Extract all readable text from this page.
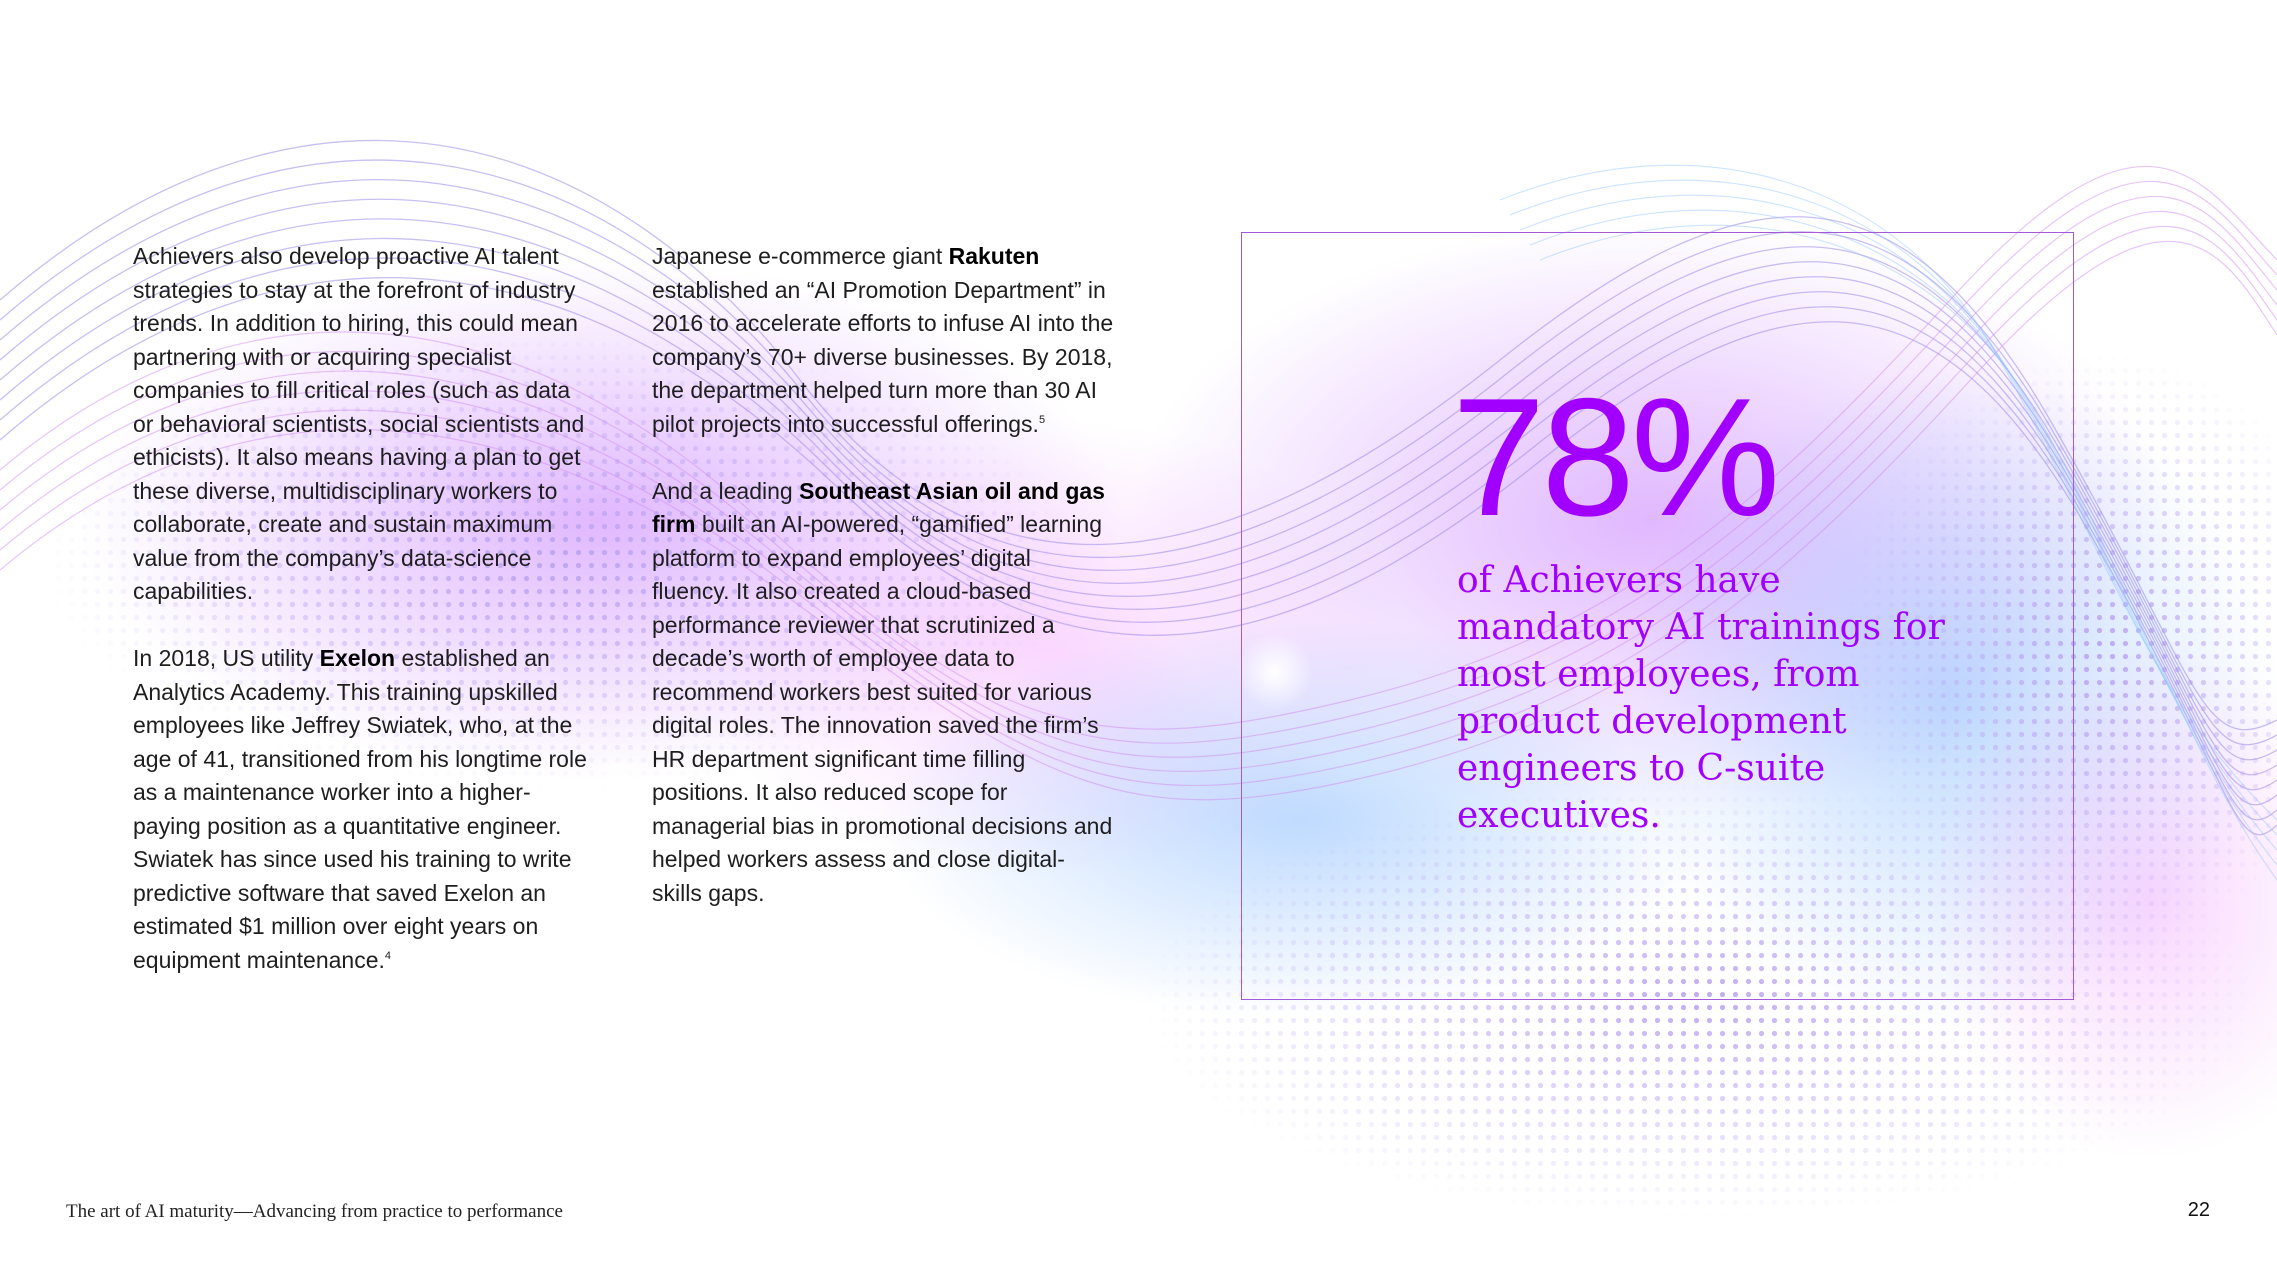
Achievers also develop proactive AI talent strategies to stay at the forefront of industry trends. In addition to hiring, this could mean partnering with or acquiring specialist companies to fill critical roles (such as data or behavioral scientists, social scientists and ethicists). It also means having a plan to get these diverse, multidisciplinary workers to collaborate, create and sustain maximum value from the company’s data-science capabilities.

In 2018, US utility Exelon established an Analytics Academy. This training upskilled employees like Jeffrey Swiatek, who, at the age of 41, transitioned from his longtime role as a maintenance worker into a higher-paying position as a quantitative engineer. Swiatek has since used his training to write predictive software that saved Exelon an estimated $1 million over eight years on equipment maintenance.$^4$

Japanese e-commerce giant Rakuten established an “AI Promotion Department” in 2016 to accelerate efforts to infuse AI into the company’s 70+ diverse businesses. By 2018, the department helped turn more than 30 AI pilot projects into successful offerings.$^5$

And a leading Southeast Asian oil and gas firm built an AI-powered, “gamified” learning platform to expand employees’ digital fluency. It also created a cloud-based performance reviewer that scrutinized a decade’s worth of employee data to recommend workers best suited for various digital roles. The innovation saved the firm’s HR department significant time filling positions. It also reduced scope for managerial bias in promotional decisions and helped workers assess and close digital-skills gaps.

78%
of Achievers have mandatory AI trainings for most employees, from product development engineers to C-suite executives.
The art of AI maturity—Advancing from practice to performance	22
